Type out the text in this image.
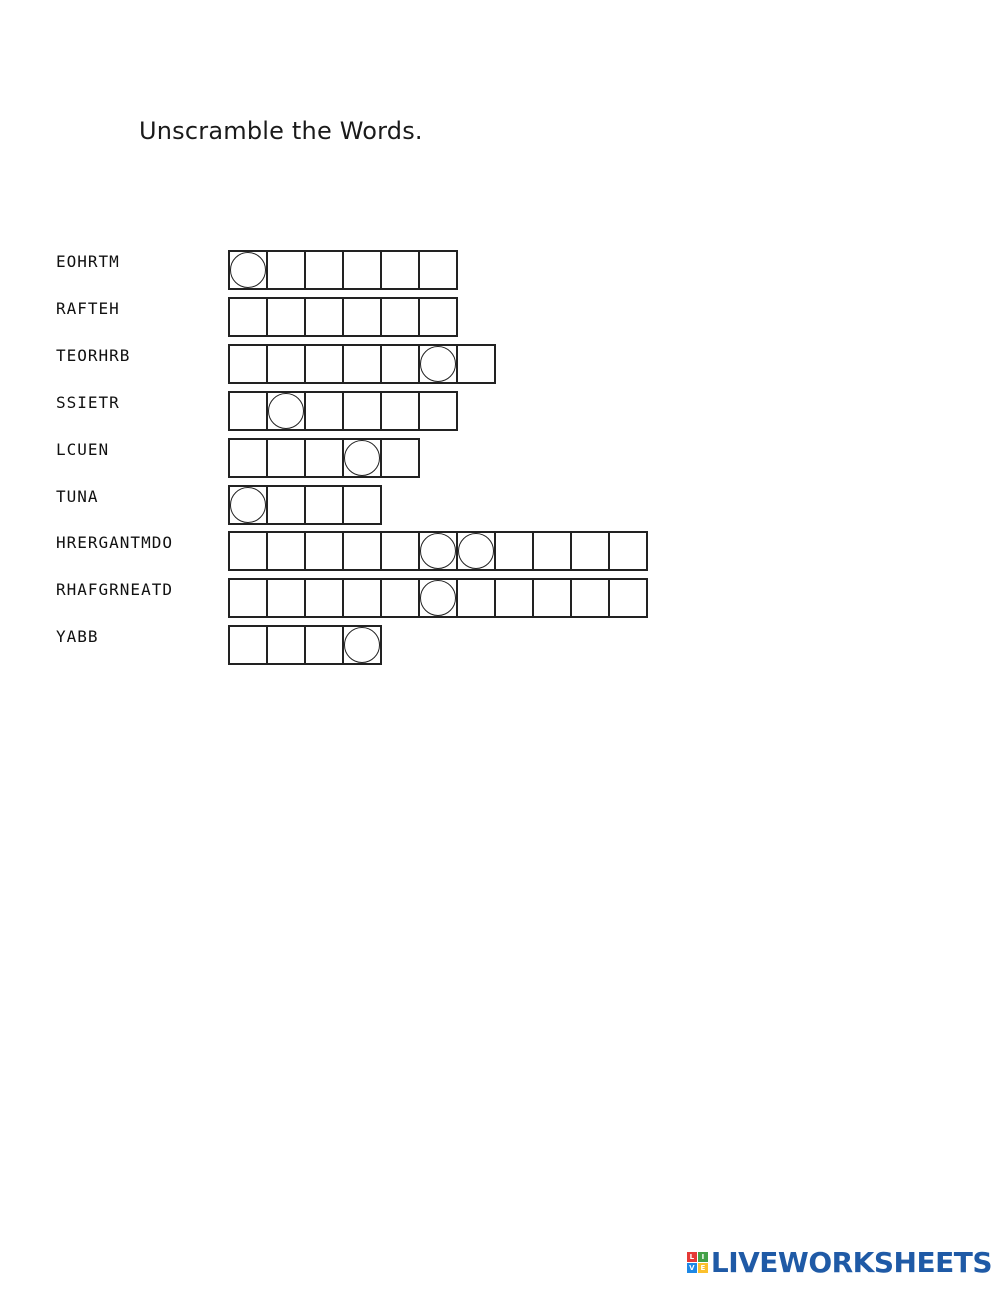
Unscramble the Words.
EOHRTM
RAFTEH
TEORHRB
SSIETR
LCUEN
TUNA
HRERGANTMDO
RHAFGRNEATD
YABB
L	I
V E LIVEWORKSHEETS
